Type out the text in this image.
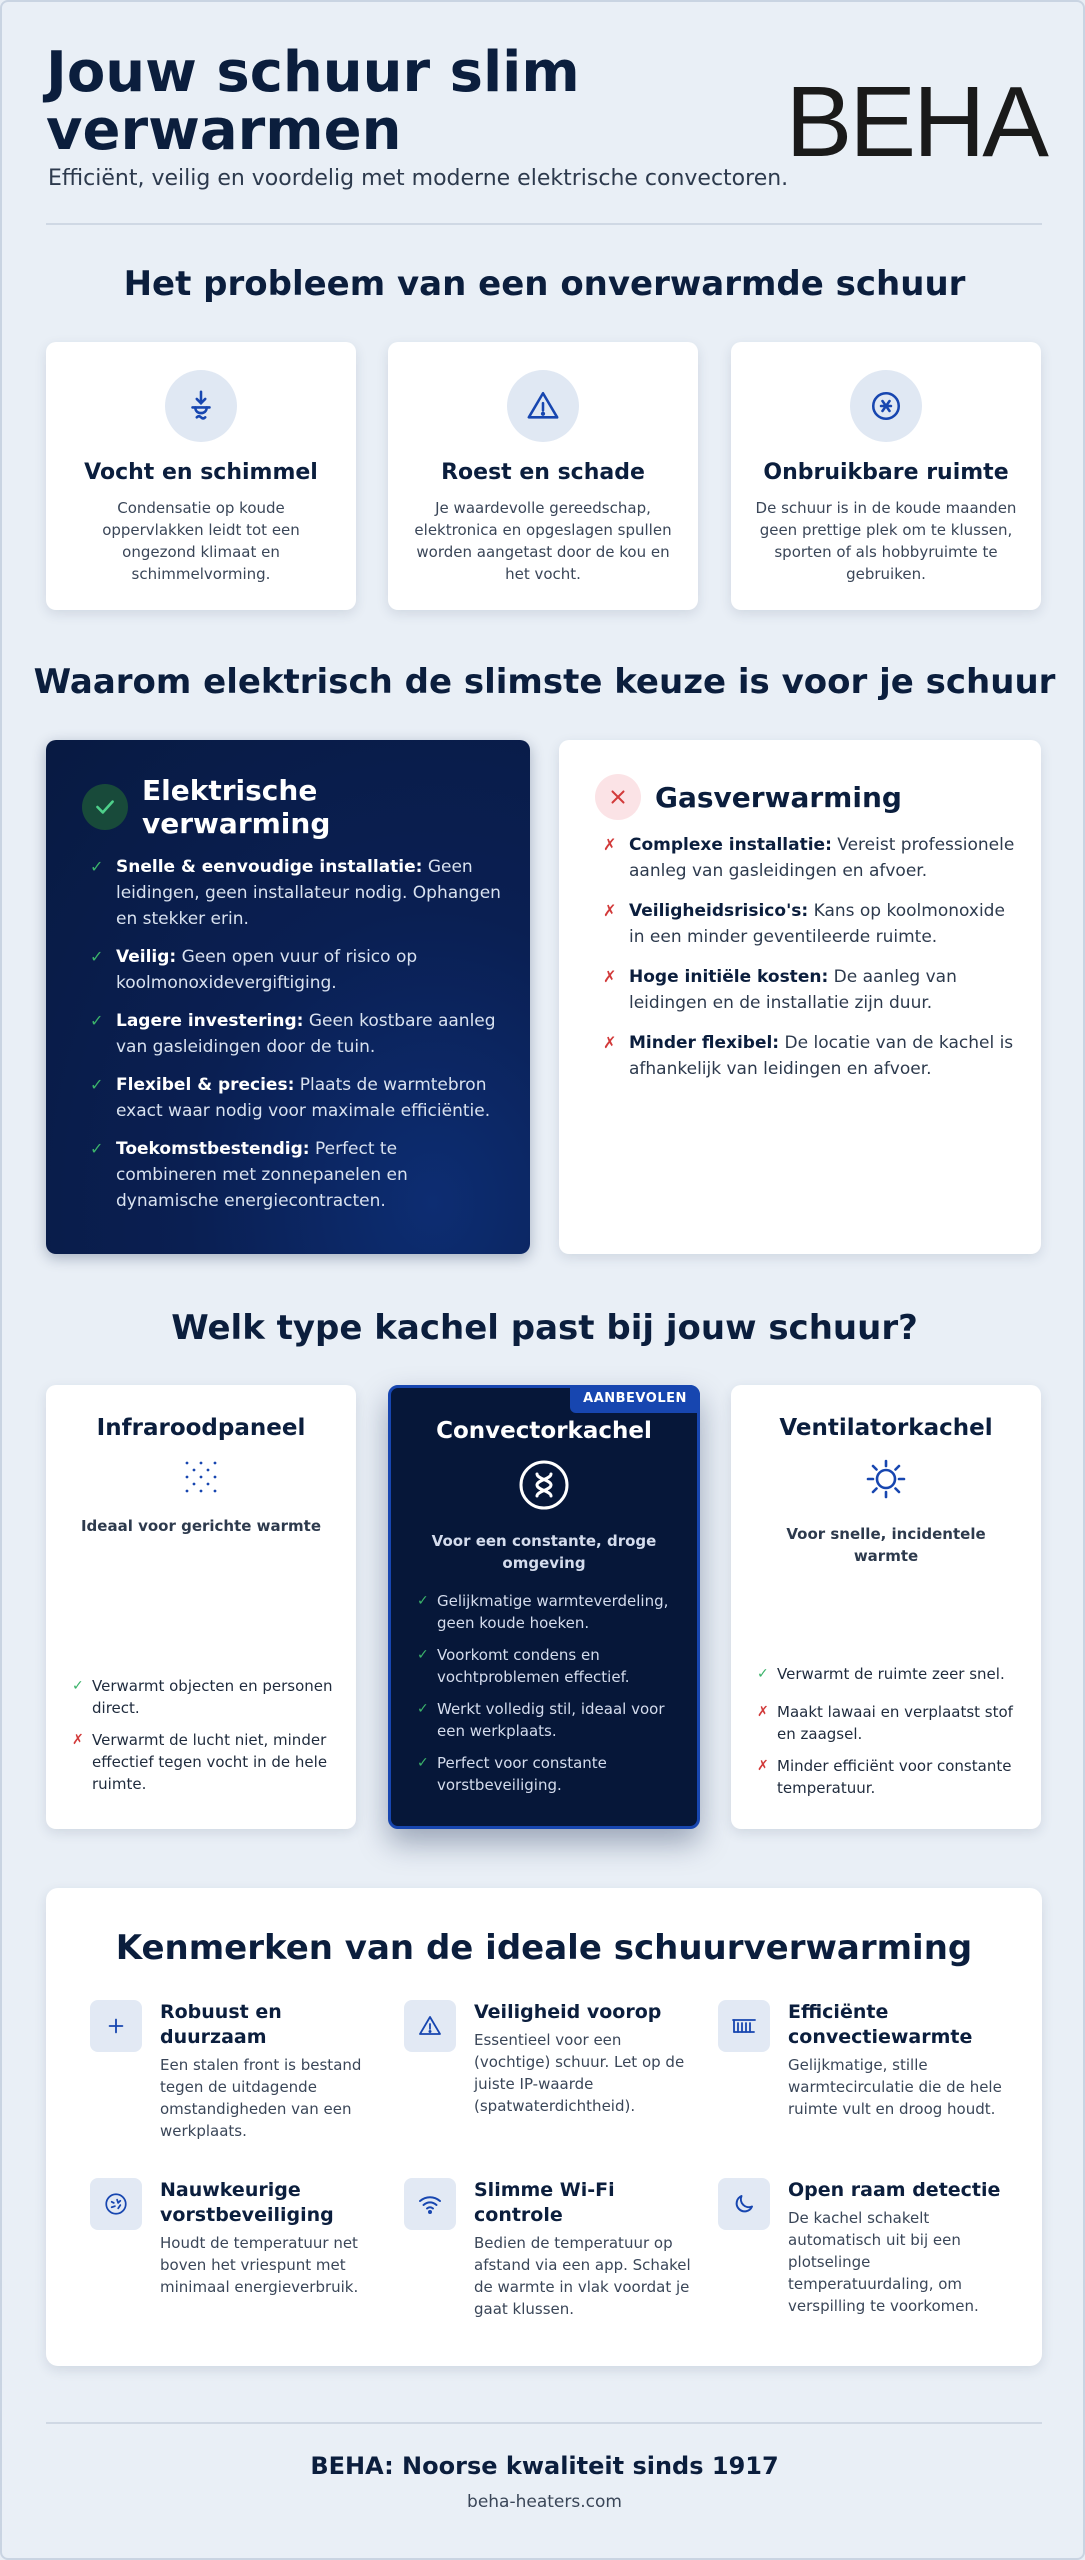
Jouw schuur slim verwarmen
Efficiënt, veilig en voordelig met moderne elektrische convectoren.
BEHA
Het probleem van een onverwarmde schuur
Vocht en schimmel

Condensatie op koude oppervlakken leidt tot een ongezond klimaat en schimmelvorming.

Roest en schade

Je waardevolle gereedschap, elektronica en opgeslagen spullen worden aangetast door de kou en het vocht.

Onbruikbare ruimte

De schuur is in de koude maanden geen prettige plek om te klussen, sporten of als hobbyruimte te gebruiken.

Waarom elektrisch de slimste keuze is voor je schuur
Elektrische verwarming
✓ Snelle & eenvoudige installatie: Geen leidingen, geen installateur nodig. Ophangen en stekker erin.
✓ Veilig: Geen open vuur of risico op koolmonoxidevergiftiging.
✓ Lagere investering: Geen kostbare aanleg van gasleidingen door de tuin.
✓ Flexibel & precies: Plaats de warmtebron exact waar nodig voor maximale efficiëntie.
✓ Toekomstbestendig: Perfect te combineren met zonnepanelen en dynamische energiecontracten.
Gasverwarming
✗ Complexe installatie: Vereist professionele aanleg van gasleidingen en afvoer.
✗ Veiligheidsrisico's: Kans op koolmonoxide in een minder geventileerde ruimte.
✗ Hoge initiële kosten: De aanleg van leidingen en de installatie zijn duur.
✗ Minder flexibel: De locatie van de kachel is afhankelijk van leidingen en afvoer.
Welk type kachel past bij jouw schuur?
Infraroodpaneel
Ideaal voor gerichte warmte
✓ Verwarmt objecten en personen direct.
✗ Verwarmt de lucht niet, minder effectief tegen vocht in de hele ruimte.
AANBEVOLEN
Convectorkachel
Voor een constante, droge omgeving
✓ Gelijkmatige warmteverdeling, geen koude hoeken.
✓ Voorkomt condens en vochtproblemen effectief.
✓ Werkt volledig stil, ideaal voor een werkplaats.
✓ Perfect voor constante vorstbeveiliging.
Ventilatorkachel
Voor snelle, incidentele warmte
✓ Verwarmt de ruimte zeer snel.
✗ Maakt lawaai en verplaatst stof en zaagsel.
✗ Minder efficiënt voor constante temperatuur.
Kenmerken van de ideale schuurverwarming
Robuust en duurzaam

Een stalen front is bestand tegen de uitdagende omstandigheden van een werkplaats.

Veiligheid voorop

Essentieel voor een (vochtige) schuur. Let op de juiste IP-waarde (spatwaterdichtheid).

Efficiënte convectiewarmte

Gelijkmatige, stille warmtecirculatie die de hele ruimte vult en droog houdt.

Nauwkeurige vorstbeveiliging

Houdt de temperatuur net boven het vriespunt met minimaal energieverbruik.

Slimme Wi-Fi controle

Bedien de temperatuur op afstand via een app. Schakel de warmte in vlak voordat je gaat klussen.

Open raam detectie

De kachel schakelt automatisch uit bij een plotselinge temperatuurdaling, om verspilling te voorkomen.

BEHA: Noorse kwaliteit sinds 1917
beha-heaters.com
